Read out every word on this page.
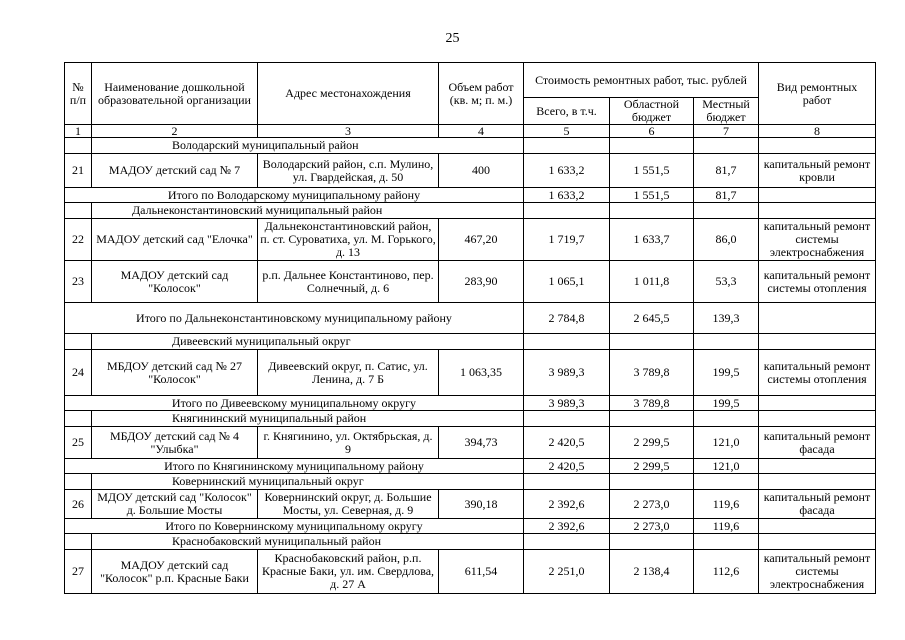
25
№ п/п	Наименование дошкольной образовательной организации	Адрес местонахождения	Объем работ (кв. м; п. м.)	Стоимость ремонтных работ, тыс. рублей			Вид ремонтных работ
				Всего, в т.ч.	Областной бюджет	Местный бюджет	
1	2	3	4	5	6	7	8
	Володарский муниципальный район						
21	МАДОУ детский сад № 7	Володарский район, с.п. Мулино, ул. Гвардейская, д. 50	400	1 633,2	1 551,5	81,7	капитальный ремонт кровли
Итого по Володарскому муниципальному району				1 633,2	1 551,5	81,7	
	Дальнеконстантиновский муниципальный район						
22	МАДОУ детский сад "Елочка"	Дальнеконстантиновский район, п. ст. Суроватиха, ул. М. Горького, д. 13	467,20	1 719,7	1 633,7	86,0	капитальный ремонт системы электроснабжения
23	МАДОУ детский сад "Колосок"	р.п. Дальнее Константиново, пер. Солнечный, д. 6	283,90	1 065,1	1 011,8	53,3	капитальный ремонт системы отопления
Итого по Дальнеконстантиновскому муниципальному району				2 784,8	2 645,5	139,3	
	Дивеевский муниципальный округ						
24	МБДОУ детский сад № 27 "Колосок"	Дивеевский округ, п. Сатис, ул. Ленина, д. 7 Б	1 063,35	3 989,3	3 789,8	199,5	капитальный ремонт системы отопления
Итого по Дивеевскому муниципальному округу				3 989,3	3 789,8	199,5	
	Княгининский муниципальный район						
25	МБДОУ детский сад № 4 "Улыбка"	г. Княгинино, ул. Октябрьская, д. 9	394,73	2 420,5	2 299,5	121,0	капитальный ремонт фасада
Итого по Княгининскому муниципальному району				2 420,5	2 299,5	121,0	
	Ковернинский муниципальный округ						
26	МДОУ детский сад "Колосок" д. Большие Мосты	Ковернинский округ, д. Большие Мосты, ул. Северная, д. 9	390,18	2 392,6	2 273,0	119,6	капитальный ремонт фасада
Итого по Ковернинскому муниципальному округу				2 392,6	2 273,0	119,6	
	Краснобаковский муниципальный район						
27	МАДОУ детский сад "Колосок" р.п. Красные Баки	Краснобаковский район, р.п. Красные Баки, ул. им. Свердлова, д. 27 А	611,54	2 251,0	2 138,4	112,6	капитальный ремонт системы электроснабжения
